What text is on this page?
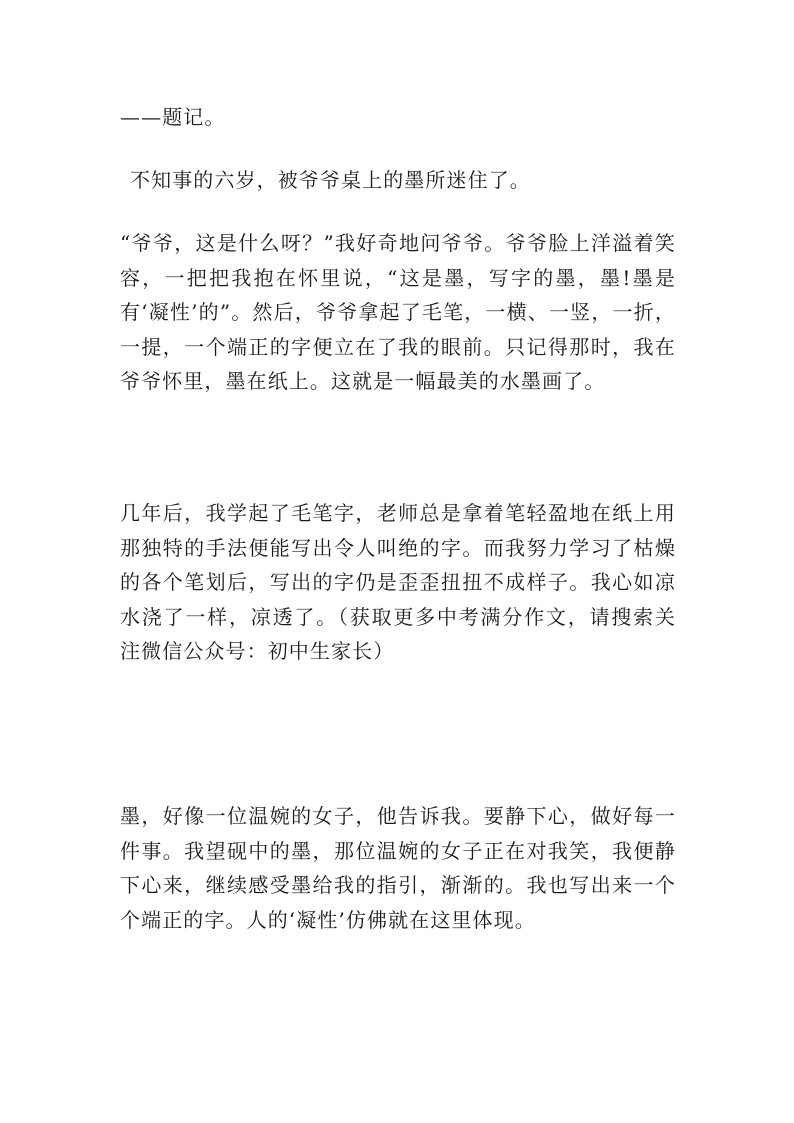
——题记。

不知事的六岁，被爷爷桌上的墨所迷住了。

“爷爷，这是什么呀？”我好奇地问爷爷。爷爷脸上洋溢着笑容，一把把我抱在怀里说，“这是墨，写字的墨，墨!墨是有‘凝性’的”。然后，爷爷拿起了毛笔，一横、一竖，一折，一提，一个端正的字便立在了我的眼前。只记得那时，我在爷爷怀里，墨在纸上。这就是一幅最美的水墨画了。

几年后，我学起了毛笔字，老师总是拿着笔轻盈地在纸上用那独特的手法便能写出令人叫绝的字。而我努力学习了枯燥的各个笔划后，写出的字仍是歪歪扭扭不成样子。我心如凉水浇了一样，凉透了。（获取更多中考满分作文，请搜索关注微信公众号：初中生家长）

墨，好像一位温婉的女子，他告诉我。要静下心，做好每一件事。我望砚中的墨，那位温婉的女子正在对我笑，我便静下心来，继续感受墨给我的指引，渐渐的。我也写出来一个个端正的字。人的‘凝性’仿佛就在这里体现。
